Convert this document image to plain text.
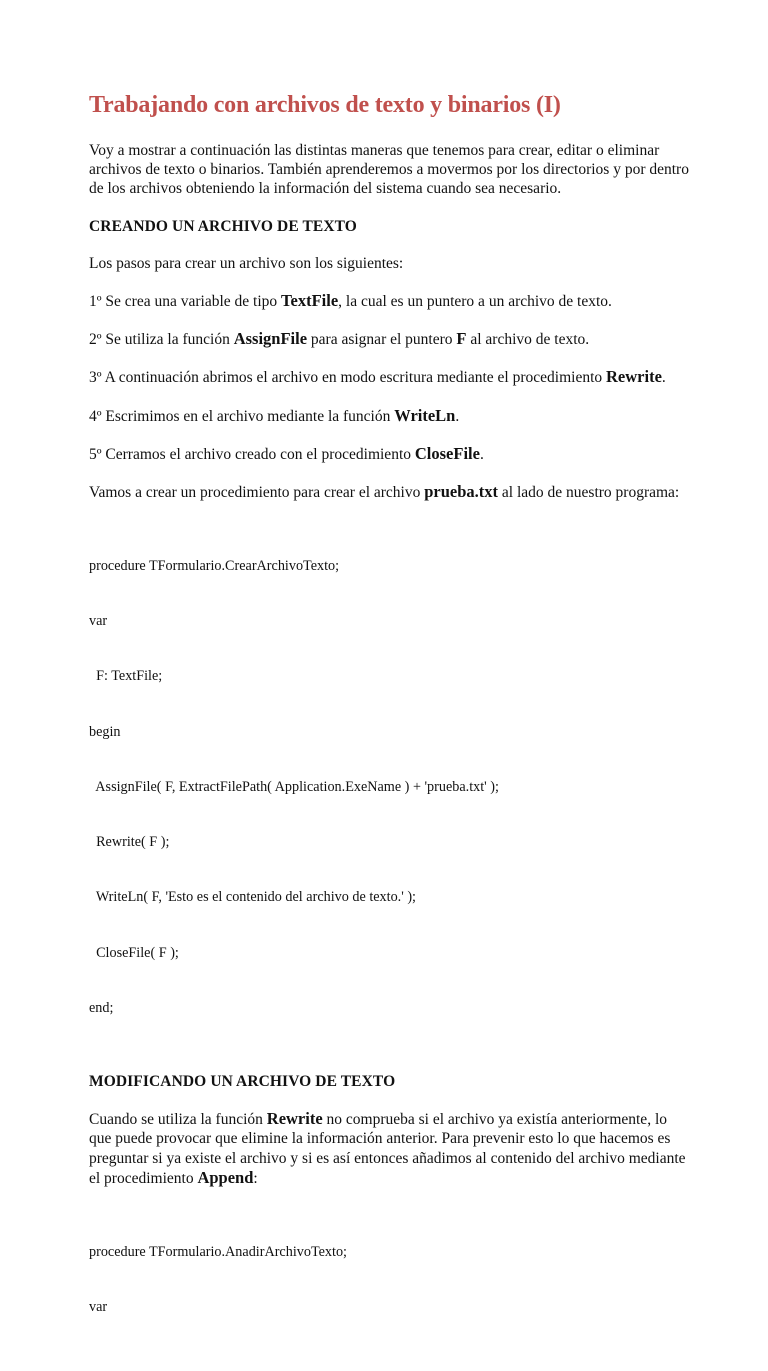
Trabajando con archivos de texto y binarios (I)

Voy a mostrar a continuación las distintas maneras que tenemos para crear, editar o eliminar archivos de texto o binarios. También aprenderemos a movermos por los directorios y por dentro de los archivos obteniendo la información del sistema cuando sea necesario.

CREANDO UN ARCHIVO DE TEXTO

Los pasos para crear un archivo son los siguientes:

1º Se crea una variable de tipo TextFile, la cual es un puntero a un archivo de texto.

2º Se utiliza la función AssignFile para asignar el puntero F al archivo de texto.

3º A continuación abrimos el archivo en modo escritura mediante el procedimiento Rewrite.

4º Escrimimos en el archivo mediante la función WriteLn.

5º Cerramos el archivo creado con el procedimiento CloseFile.

Vamos a crear un procedimiento para crear el archivo prueba.txt al lado de nuestro programa:

procedure TFormulario.CrearArchivoTexto;

var

F: TextFile;

begin

AssignFile( F, ExtractFilePath( Application.ExeName ) + 'prueba.txt' );

Rewrite( F );

WriteLn( F, 'Esto es el contenido del archivo de texto.' );

CloseFile( F );

end;

MODIFICANDO UN ARCHIVO DE TEXTO

Cuando se utiliza la función Rewrite no comprueba si el archivo ya existía anteriormente, lo que puede provocar que elimine la información anterior. Para prevenir esto lo que hacemos es preguntar si ya existe el archivo y si es así entonces añadimos al contenido del archivo mediante el procedimiento Append:

procedure TFormulario.AnadirArchivoTexto;

var
